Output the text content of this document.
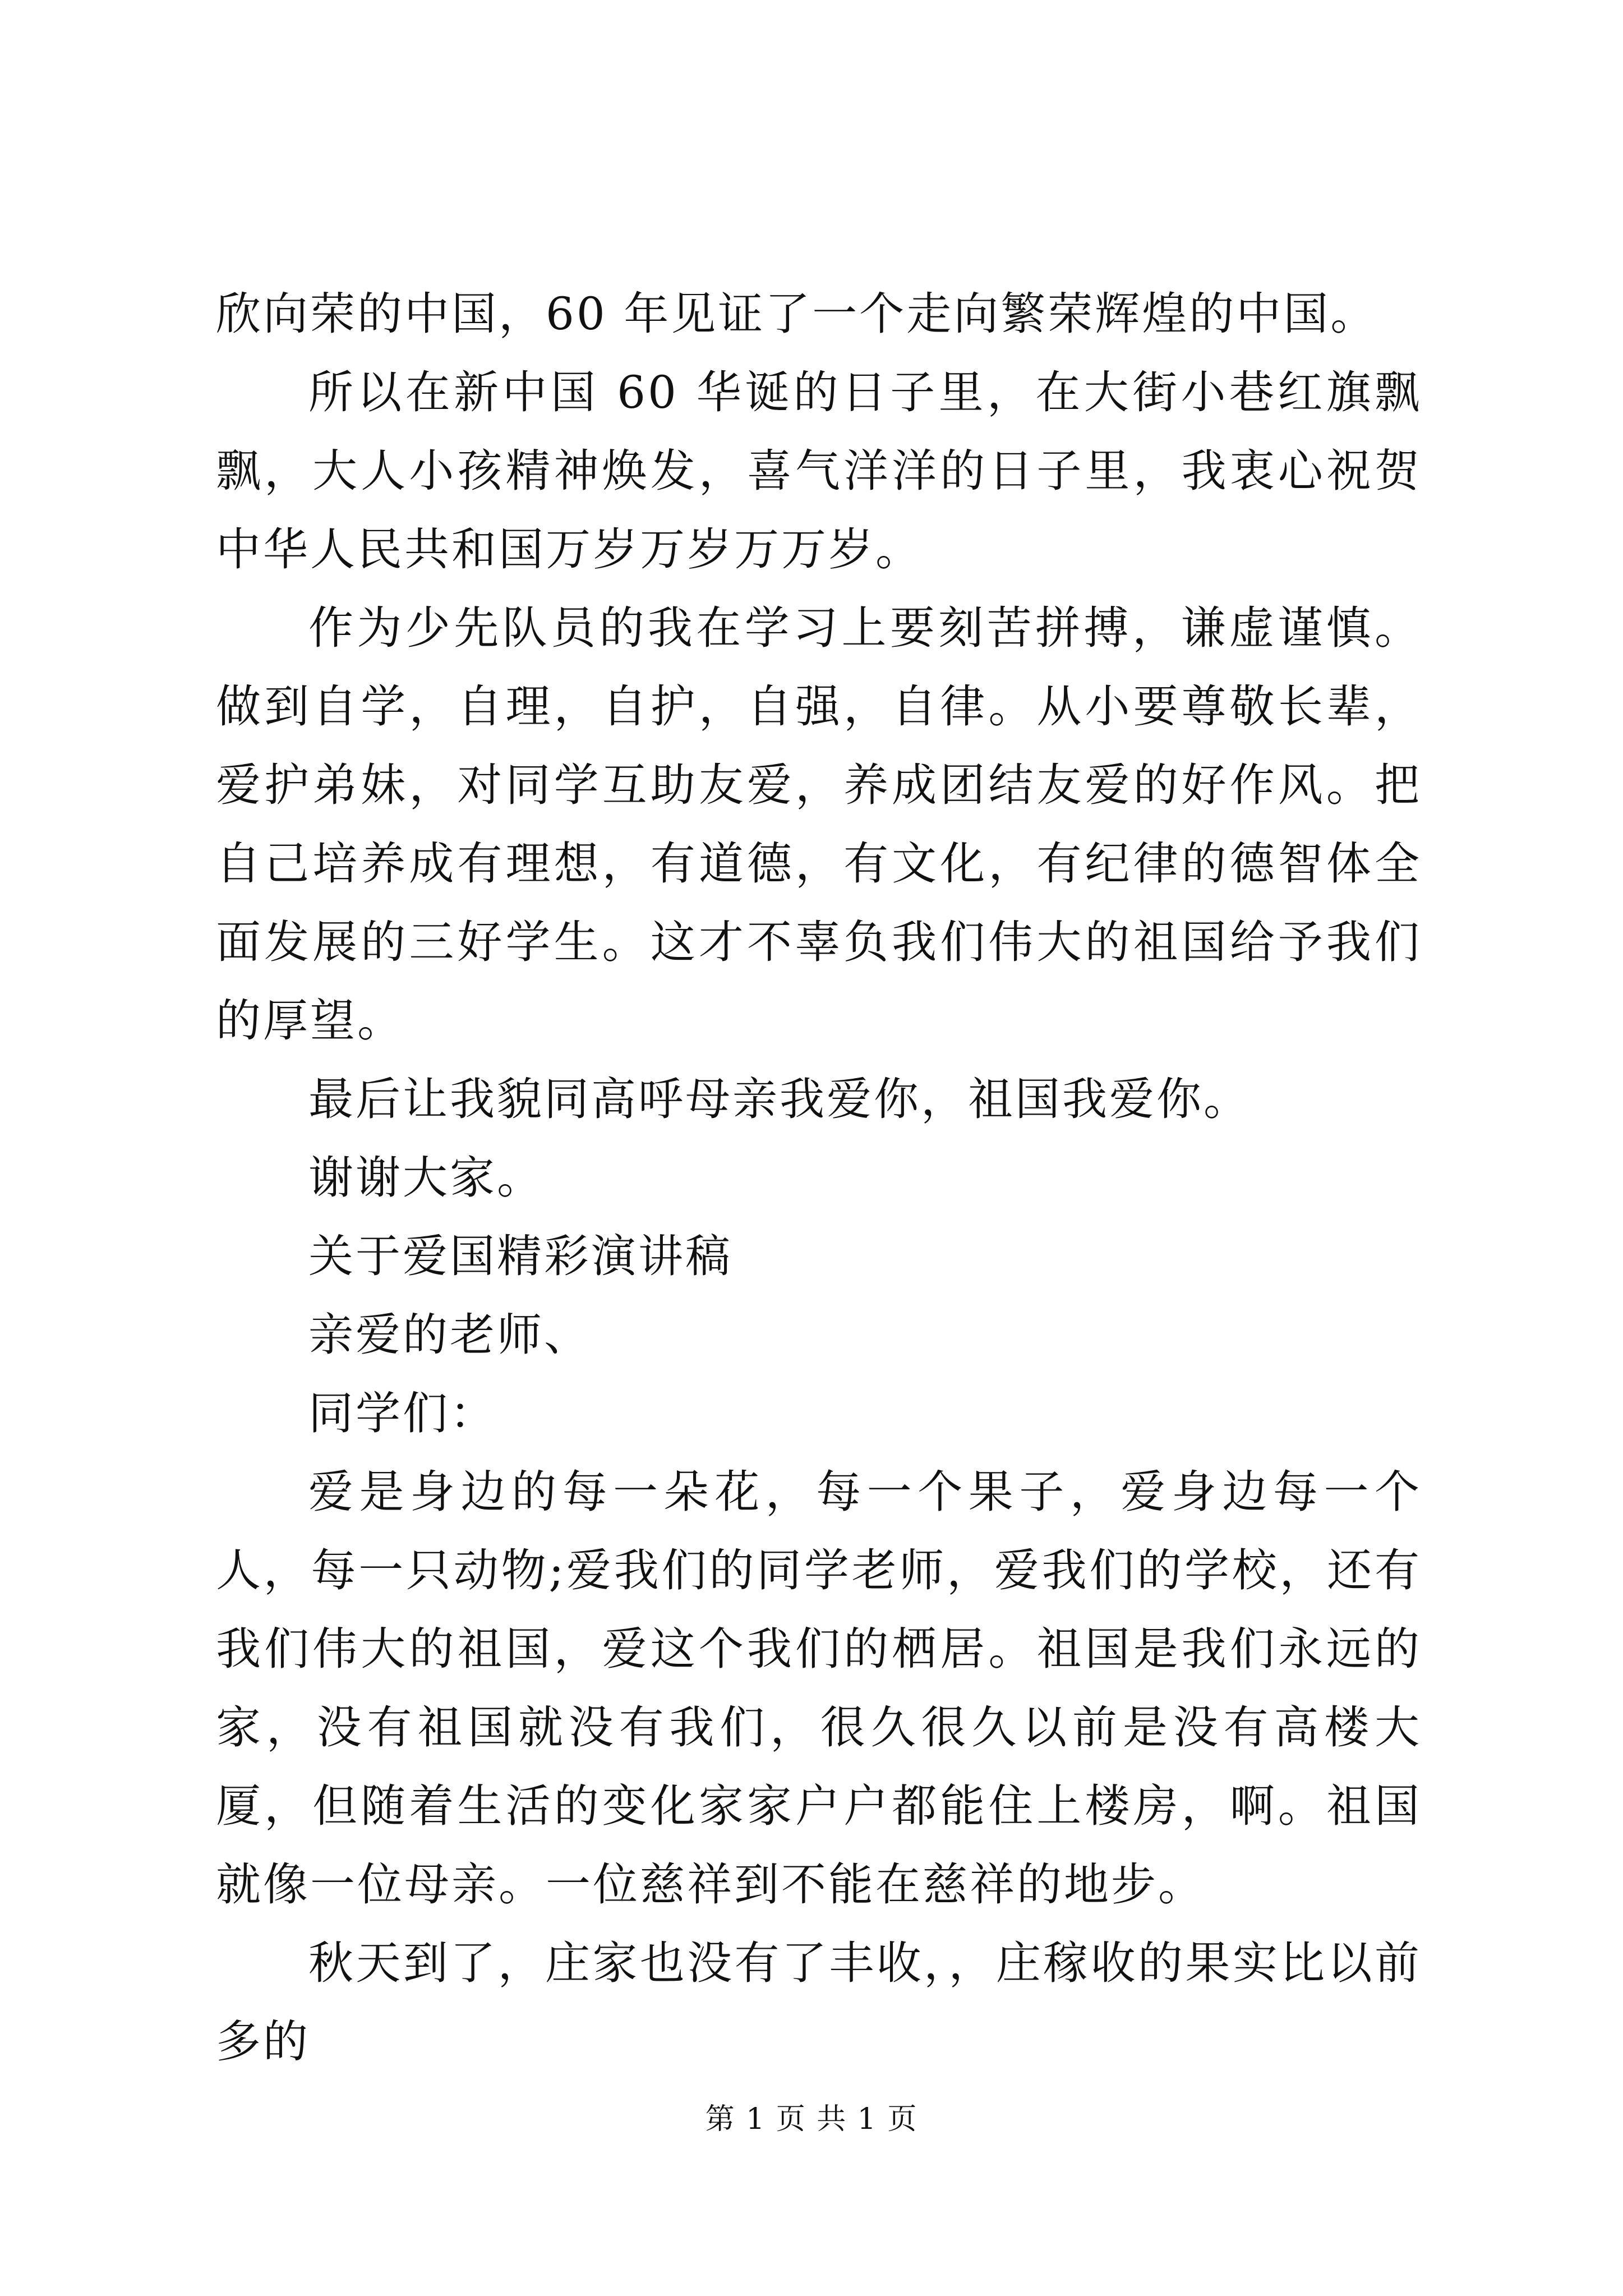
欣向荣的中国，60 年见证了一个走向繁荣辉煌的中国。

所以在新中国 60 华诞的日子里，在大街小巷红旗飘飘，大人小孩精神焕发，喜气洋洋的日子里，我衷心祝贺中华人民共和国万岁万岁万万岁。

作为少先队员的我在学习上要刻苦拼搏，谦虚谨慎。做到自学，自理，自护，自强，自律。从小要尊敬长辈，爱护弟妹，对同学互助友爱，养成团结友爱的好作风。把自己培养成有理想，有道德，有文化，有纪律的德智体全面发展的三好学生。这才不辜负我们伟大的祖国给予我们的厚望。

最后让我貌同高呼母亲我爱你，祖国我爱你。

谢谢大家。

关于爱国精彩演讲稿

亲爱的老师、

同学们：

爱是身边的每一朵花，每一个果子，爱身边每一个人，每一只动物;爱我们的同学老师，爱我们的学校，还有我们伟大的祖国，爱这个我们的栖居。祖国是我们永远的家，没有祖国就没有我们，很久很久以前是没有高楼大厦，但随着生活的变化家家户户都能住上楼房，啊。祖国就像一位母亲。一位慈祥到不能在慈祥的地步。

秋天到了，庄家也没有了丰收，，庄稼收的果实比以前多的

第 1 页 共 1 页
